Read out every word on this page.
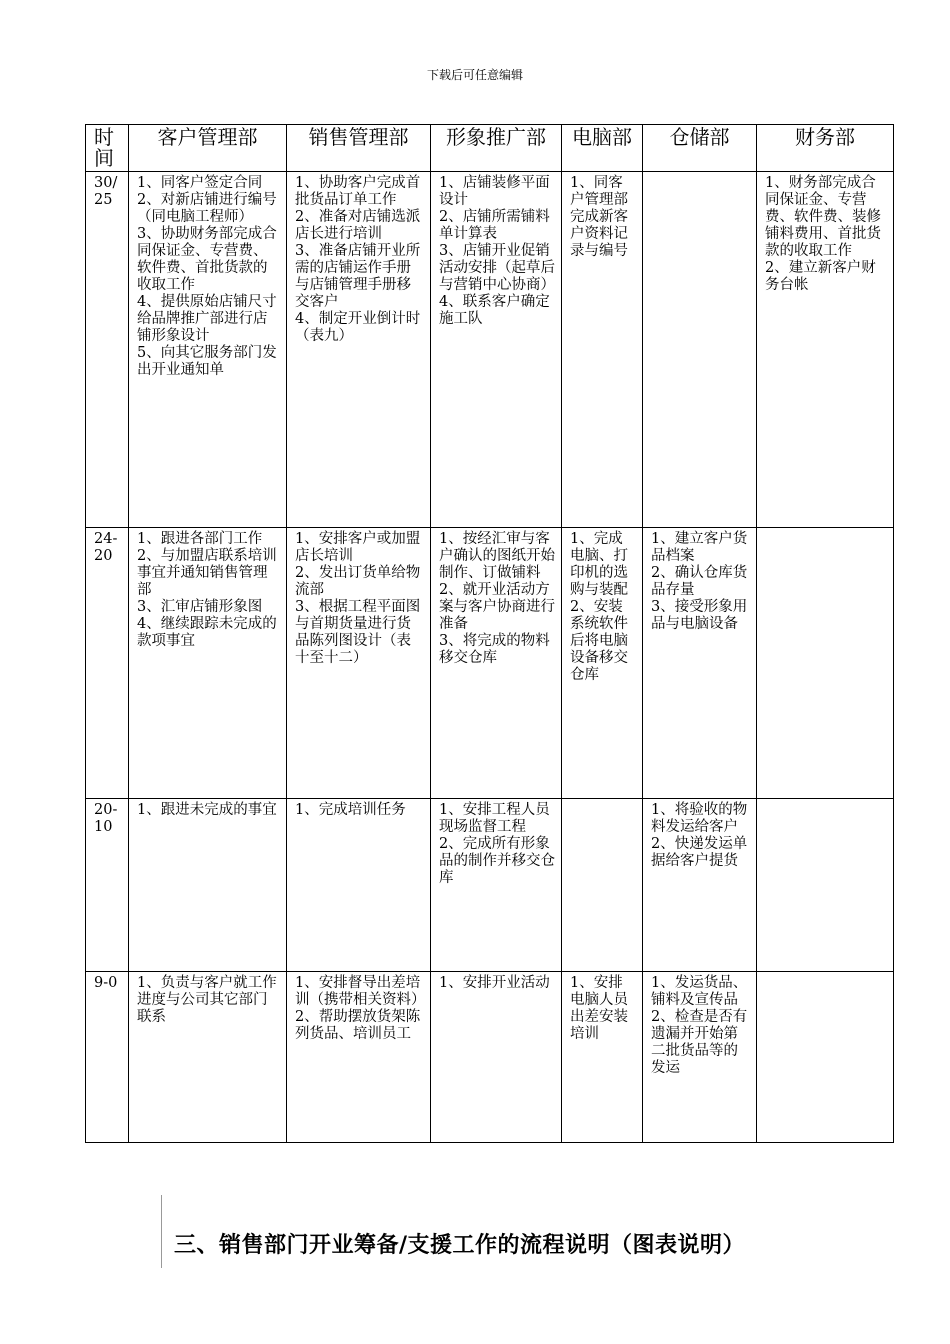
下载后可任意编辑
时间	客户管理部	销售管理部	形象推广部	电脑部	仓储部	财务部
30/25	1、同客户签定合同
2、对新店铺进行编号（同电脑工程师）
3、协助财务部完成合同保证金、专营费、软件费、首批货款的收取工作
4、提供原始店铺尺寸给品牌推广部进行店铺形象设计
5、向其它服务部门发出开业通知单	1、协助客户完成首批货品订单工作
2、准备对店铺选派店长进行培训
3、准备店铺开业所需的店铺运作手册与店铺管理手册移交客户
4、制定开业倒计时（表九）	1、店铺装修平面设计
2、店铺所需铺料单计算表
3、店铺开业促销活动安排（起草后与营销中心协商）
4、联系客户确定施工队	1、同客户管理部完成新客户资料记录与编号		1、财务部完成合同保证金、专营费、软件费、装修铺料费用、首批货款的收取工作
2、建立新客户财务台帐

24-20	1、跟进各部门工作
2、与加盟店联系培训事宜并通知销售管理部
3、汇审店铺形象图
4、继续跟踪未完成的款项事宜	1、安排客户或加盟店长培训
2、发出订货单给物流部
3、根据工程平面图与首期货量进行货品陈列图设计（表十至十二）	1、按经汇审与客户确认的图纸开始制作、订做铺料
2、就开业活动方案与客户协商进行准备
3、将完成的物料移交仓库	1、完成电脑、打印机的选购与装配
2、安装系统软件后将电脑设备移交仓库	1、建立客户货品档案
2、确认仓库货品存量
3、接受形象用品与电脑设备	

20-10	1、跟进未完成的事宜	1、完成培训任务	1、安排工程人员现场监督工程
2、完成所有形象品的制作并移交仓库		1、将验收的物料发运给客户
2、快递发运单据给客户提货	

9-0	1、负责与客户就工作进度与公司其它部门联系	1、安排督导出差培训（携带相关资料）
2、帮助摆放货架陈列货品、培训员工	1、安排开业活动	1、安排电脑人员出差安装培训	1、发运货品、铺料及宣传品
2、检查是否有遗漏并开始第二批货品等的发运	

三、销售部门开业筹备/支援工作的流程说明（图表说明）
